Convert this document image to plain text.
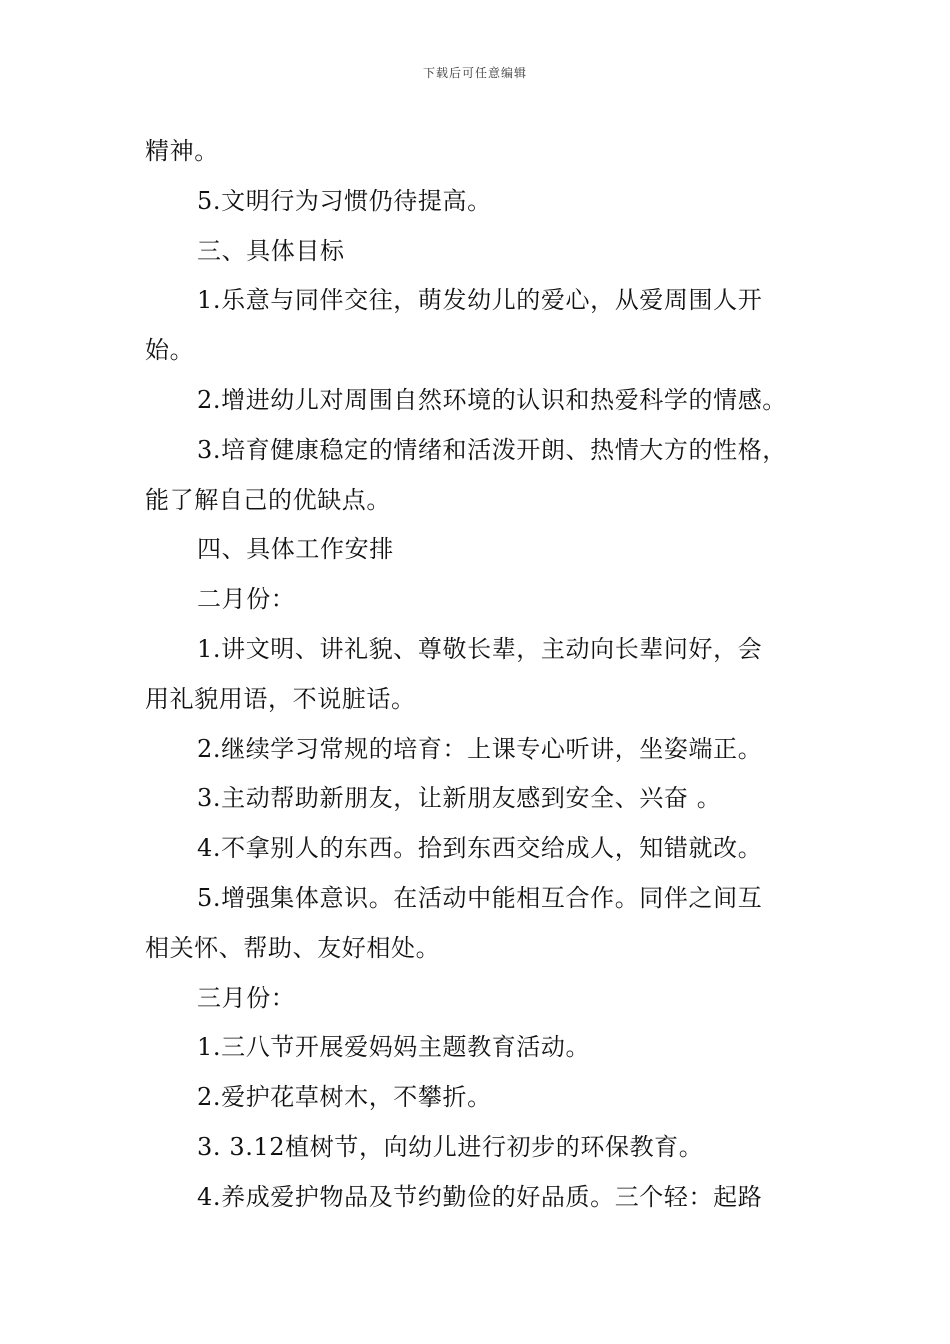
下载后可任意编辑
精神。
5.文明行为习惯仍待提高。
三、具体目标
1.乐意与同伴交往，萌发幼儿的爱心，从爱周围人开
始。
2.增进幼儿对周围自然环境的认识和热爱科学的情感。
3.培育健康稳定的情绪和活泼开朗、热情大方的性格，
能了解自己的优缺点。
四、具体工作安排
二月份：
1.讲文明、讲礼貌、尊敬长辈，主动向长辈问好，会
用礼貌用语，不说脏话。
2.继续学习常规的培育：上课专心听讲，坐姿端正。
3.主动帮助新朋友，让新朋友感到安全、兴奋 。
4.不拿别人的东西。拾到东西交给成人，知错就改。
5.增强集体意识。在活动中能相互合作。同伴之间互
相关怀、帮助、友好相处。
三月份：
1.三八节开展爱妈妈主题教育活动。
2.爱护花草树木，不攀折。
3. 3.12植树节，向幼儿进行初步的环保教育。
4.养成爱护物品及节约勤俭的好品质。三个轻：起路
